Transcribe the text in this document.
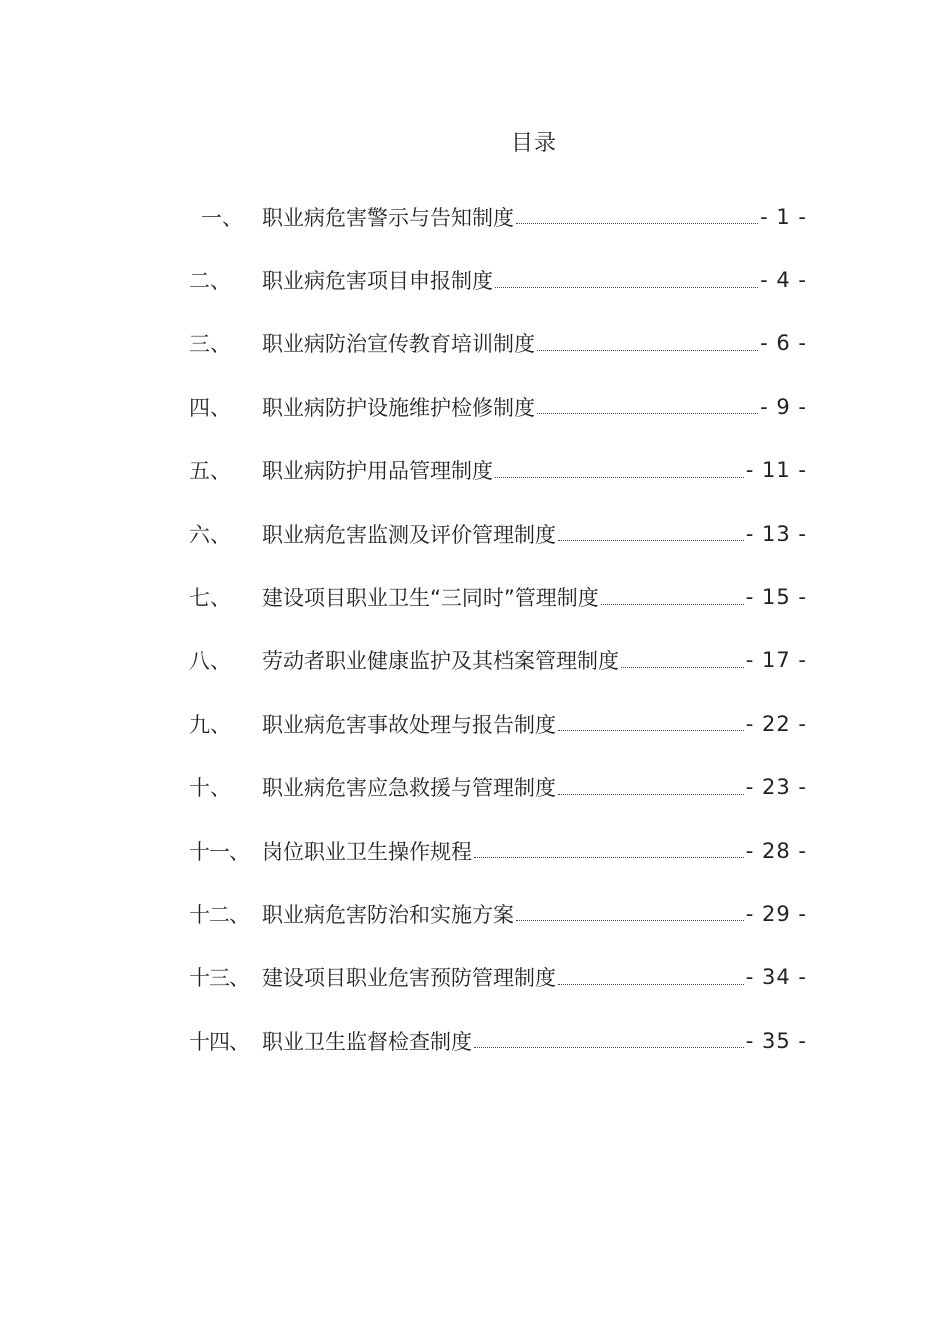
目录
一、 职业病危害警示与告知制度	- 1 -
二、	职业病危害项目申报制度	- 4 -
三、	职业病防治宣传教育培训制度	- 6 -
四、	职业病防护设施维护检修制度	- 9 -
五、	职业病防护用品管理制度	- 11 -
六、	职业病危害监测及评价管理制度	- 13 -
七、	建设项目职业卫生“三同时”管理制度	- 15 -
八、	劳动者职业健康监护及其档案管理制度	- 17 -
九、	职业病危害事故处理与报告制度	- 22 -
十、	职业病危害应急救援与管理制度	- 23 -
十一、 岗位职业卫生操作规程	- 28 -
十二、 职业病危害防治和实施方案	- 29 -
十三、 建设项目职业危害预防管理制度	- 34 -
十四、 职业卫生监督检查制度	- 35 -
